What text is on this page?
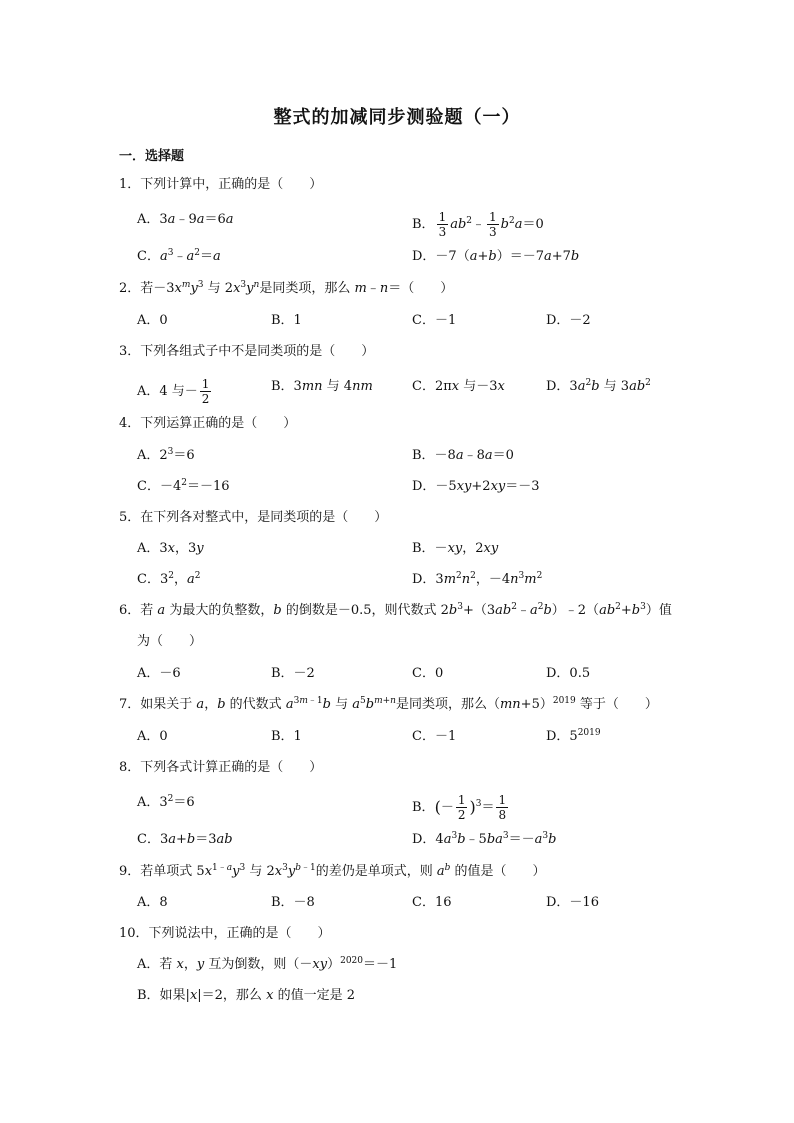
整式的加减同步测验题（一）
一．选择题
1．下列计算中，正确的是（　　）
A．3a﹣9a＝6a	B． $\frac{1}{3}$ $ab^2﹣ \frac{1}{3} b^2a=0$
C．$a^3﹣a^2=a$	D．－7（a+b）＝－7a+7b
2．若$-3x^my^3$ 与 $2x^3y^n$是同类项，那么 m﹣n＝（　　）
A．0	B．1	C．－1	D．－2
3．下列各组式子中不是同类项的是（　　）
A．4 与－ $\frac{1}{2}$	B．3mn 与 4nm	C．2πx 与－3x	D．$3a^2b$ 与 $3ab^2$
4．下列运算正确的是（　　）
A．$2^3=6$	B．－8a﹣8a＝0
C．$-4^2=-16$	D．－5xy+2xy＝－3
5．在下列各对整式中，是同类项的是（　　）
A．3x，3y	B．－xy，2xy
C．$3^2$，$a^2$	D．$3m^2n^2$，$-4n^3m^2$
6．若 a 为最大的负整数，b 的倒数是－0.5，则代数式 $2b^3+(3ab^2﹣a^2b)﹣2(ab^2+b^3)$值
为（　　）
A．－6	B．－2	C．0	D．0.5
7．如果关于 a，b 的代数式 $a^{3m﹣1}b$ 与 $a^5b^{m+n}$是同类项，那么$(mn+5)^{2019}$ 等于（　　）
A．0	B．1	C．－1	D．$5^{2019}$
8．下列各式计算正确的是（　　）
A．$3^2=6$	B．(－ $\frac{1}{2} )^3= \frac{1}{8}$
C．3a+b＝3ab	D．$4a^3b﹣5ba^3=-a^3b$
9．若单项式 $5x^{1﹣a}y^3$ 与 $2x^3y^{b﹣1}$的差仍是单项式，则 $a^b$ 的值是（　　）
A．8	B．－8	C．16	D．－16
10．下列说法中，正确的是（　　）
A．若 x，y 互为倒数，则$(-xy)^{2020}=-1$
B．如果|x|＝2，那么 x 的值一定是 2
